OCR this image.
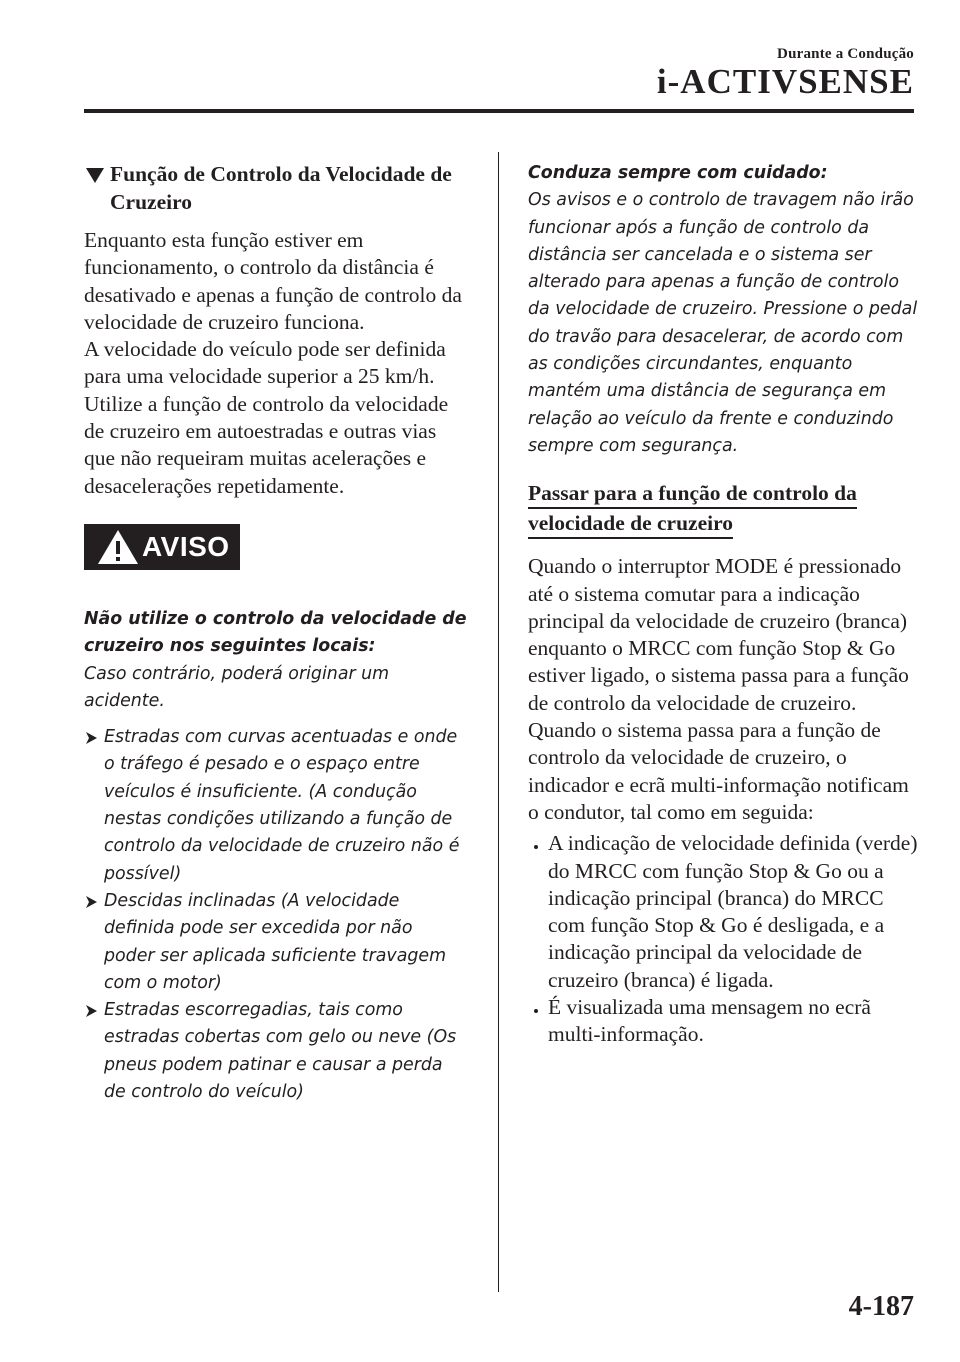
Durante a Condução
i-ACTIVSENSE
Função de Controlo da Velocidade de Cruzeiro

Enquanto esta função estiver em funcionamento, o controlo da distância é desativado e apenas a função de controlo da velocidade de cruzeiro funciona.

A velocidade do veículo pode ser definida para uma velocidade superior a 25 km/h.

Utilize a função de controlo da velocidade de cruzeiro em autoestradas e outras vias que não requeiram muitas acelerações e desacelerações repetidamente.

AVISO
Não utilize o controlo da velocidade de cruzeiro nos seguintes locais:
Caso contrário, poderá originar um acidente.
Estradas com curvas acentuadas e onde o tráfego é pesado e o espaço entre veículos é insuficiente. (A condução nestas condições utilizando a função de controlo da velocidade de cruzeiro não é possível)
Descidas inclinadas (A velocidade definida pode ser excedida por não poder ser aplicada suficiente travagem com o motor)
Estradas escorregadias, tais como estradas cobertas com gelo ou neve (Os pneus podem patinar e causar a perda de controlo do veículo)
Conduza sempre com cuidado:
Os avisos e o controlo de travagem não irão funcionar após a função de controlo da distância ser cancelada e o sistema ser alterado para apenas a função de controlo da velocidade de cruzeiro. Pressione o pedal do travão para desacelerar, de acordo com as condições circundantes, enquanto mantém uma distância de segurança em relação ao veículo da frente e conduzindo sempre com segurança.
Passar para a função de controlo da
velocidade de cruzeiro

Quando o interruptor MODE é pressionado até o sistema comutar para a indicação principal da velocidade de cruzeiro (branca) enquanto o MRCC com função Stop & Go estiver ligado, o sistema passa para a função de controlo da velocidade de cruzeiro.

Quando o sistema passa para a função de controlo da velocidade de cruzeiro, o indicador e ecrã multi-informação notificam o condutor, tal como em seguida:

A indicação de velocidade definida (verde) do MRCC com função Stop & Go ou a indicação principal (branca) do MRCC com função Stop & Go é desligada, e a indicação principal da velocidade de cruzeiro (branca) é ligada.
É visualizada uma mensagem no ecrã multi-informação.
4-187
